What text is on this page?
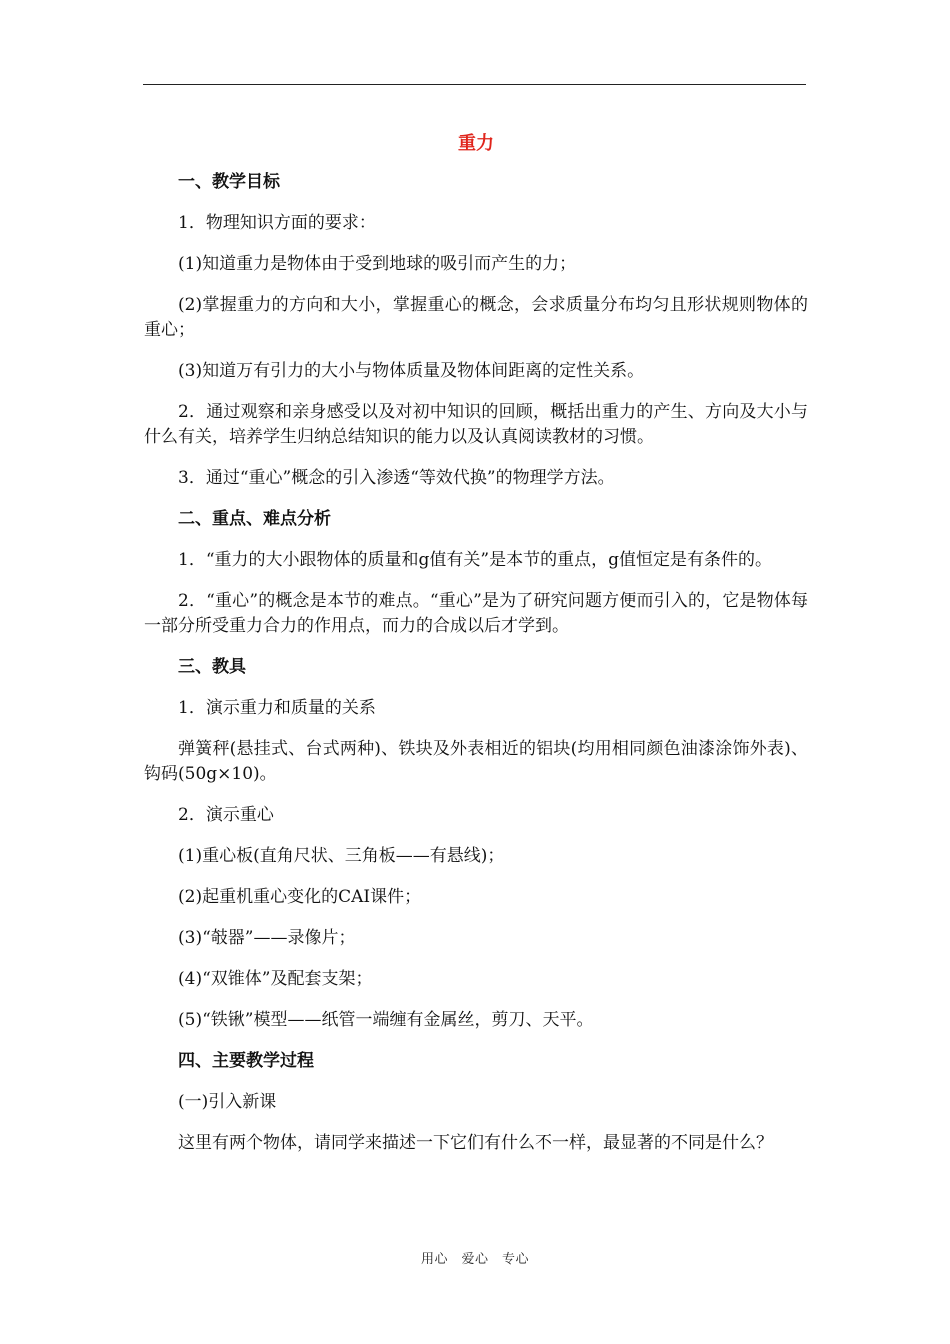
重力
一、教学目标
1．物理知识方面的要求：
(1)知道重力是物体由于受到地球的吸引而产生的力；
(2)掌握重力的方向和大小，掌握重心的概念，会求质量分布均匀且形状规则物体的重心；
(3)知道万有引力的大小与物体质量及物体间距离的定性关系。
2．通过观察和亲身感受以及对初中知识的回顾，概括出重力的产生、方向及大小与什么有关，培养学生归纳总结知识的能力以及认真阅读教材的习惯。
3．通过“重心”概念的引入渗透“等效代换”的物理学方法。
二、重点、难点分析
1．“重力的大小跟物体的质量和g值有关”是本节的重点，g值恒定是有条件的。
2．“重心”的概念是本节的难点。“重心”是为了研究问题方便而引入的，它是物体每一部分所受重力合力的作用点，而力的合成以后才学到。
三、教具
1．演示重力和质量的关系
弹簧秤(悬挂式、台式两种)、铁块及外表相近的铝块(均用相同颜色油漆涂饰外表)、钩码(50g×10)。
2．演示重心
(1)重心板(直角尺状、三角板——有悬线)；
(2)起重机重心变化的CAI课件；
(3)“攲器”——录像片；
(4)“双锥体”及配套支架；
(5)“铁锹”模型——纸管一端缠有金属丝，剪刀、天平。
四、主要教学过程
(一)引入新课
这里有两个物体，请同学来描述一下它们有什么不一样，最显著的不同是什么？
用心　爱心　专心
